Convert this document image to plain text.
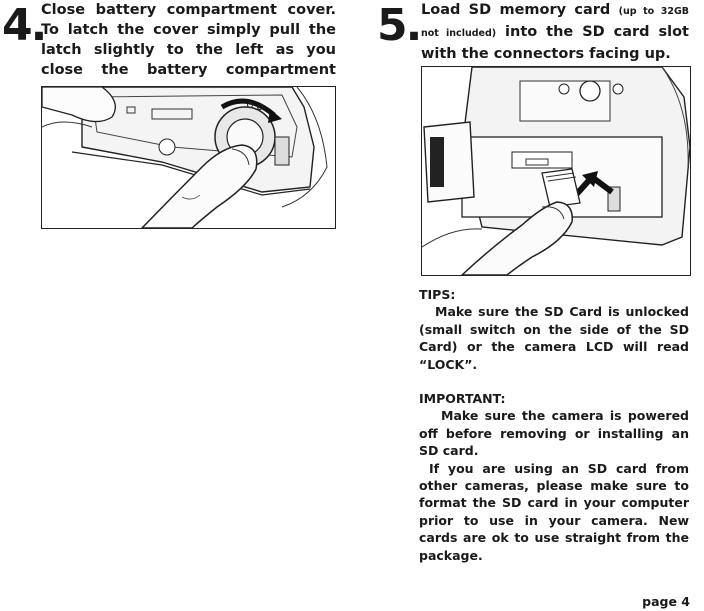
4.
Close battery compartment cover. To latch the cover simply pull the latch slightly to the left as you close the battery compartment
5. Load SD memory card (up to 32GB not included) into the SD card slot with the connectors facing up.

TIPS:

Make sure the SD Card is unlocked (small switch on the side of the SD Card) or the camera LCD will read “LOCK”.

IMPORTANT:

Make sure the camera is powered off before removing or installing an SD card.

If you are using an SD card from other cameras, please make sure to format the SD card in your computer prior to use in your camera. New cards are ok to use straight from the package.

page 4
